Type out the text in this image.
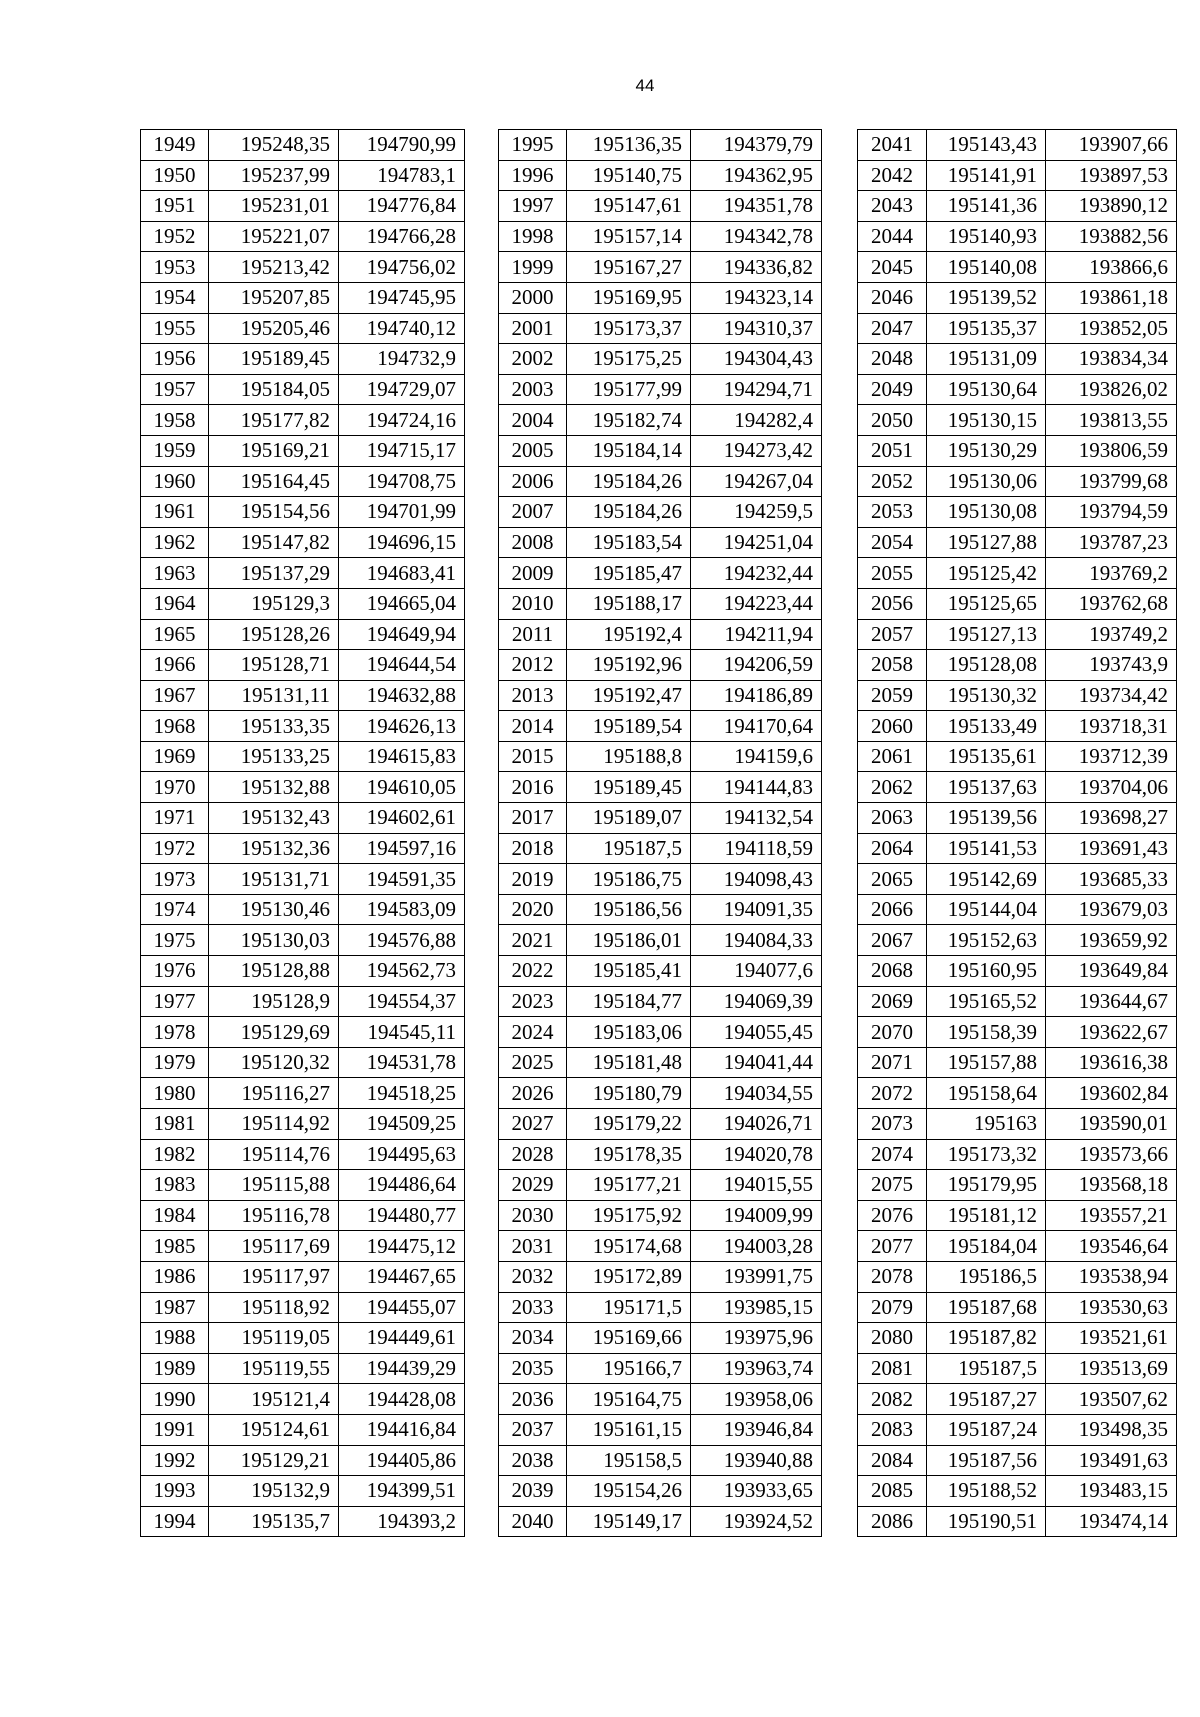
44
1949	195248,35	194790,99
1950	195237,99	194783,1
1951	195231,01	194776,84
1952	195221,07	194766,28
1953	195213,42	194756,02
1954	195207,85	194745,95
1955	195205,46	194740,12
1956	195189,45	194732,9
1957	195184,05	194729,07
1958	195177,82	194724,16
1959	195169,21	194715,17
1960	195164,45	194708,75
1961	195154,56	194701,99
1962	195147,82	194696,15
1963	195137,29	194683,41
1964	195129,3	194665,04
1965	195128,26	194649,94
1966	195128,71	194644,54
1967	195131,11	194632,88
1968	195133,35	194626,13
1969	195133,25	194615,83
1970	195132,88	194610,05
1971	195132,43	194602,61
1972	195132,36	194597,16
1973	195131,71	194591,35
1974	195130,46	194583,09
1975	195130,03	194576,88
1976	195128,88	194562,73
1977	195128,9	194554,37
1978	195129,69	194545,11
1979	195120,32	194531,78
1980	195116,27	194518,25
1981	195114,92	194509,25
1982	195114,76	194495,63
1983	195115,88	194486,64
1984	195116,78	194480,77
1985	195117,69	194475,12
1986	195117,97	194467,65
1987	195118,92	194455,07
1988	195119,05	194449,61
1989	195119,55	194439,29
1990	195121,4	194428,08
1991	195124,61	194416,84
1992	195129,21	194405,86
1993	195132,9	194399,51
1994	195135,7	194393,2
1995	195136,35	194379,79
1996	195140,75	194362,95
1997	195147,61	194351,78
1998	195157,14	194342,78
1999	195167,27	194336,82
2000	195169,95	194323,14
2001	195173,37	194310,37
2002	195175,25	194304,43
2003	195177,99	194294,71
2004	195182,74	194282,4
2005	195184,14	194273,42
2006	195184,26	194267,04
2007	195184,26	194259,5
2008	195183,54	194251,04
2009	195185,47	194232,44
2010	195188,17	194223,44
2011	195192,4	194211,94
2012	195192,96	194206,59
2013	195192,47	194186,89
2014	195189,54	194170,64
2015	195188,8	194159,6
2016	195189,45	194144,83
2017	195189,07	194132,54
2018	195187,5	194118,59
2019	195186,75	194098,43
2020	195186,56	194091,35
2021	195186,01	194084,33
2022	195185,41	194077,6
2023	195184,77	194069,39
2024	195183,06	194055,45
2025	195181,48	194041,44
2026	195180,79	194034,55
2027	195179,22	194026,71
2028	195178,35	194020,78
2029	195177,21	194015,55
2030	195175,92	194009,99
2031	195174,68	194003,28
2032	195172,89	193991,75
2033	195171,5	193985,15
2034	195169,66	193975,96
2035	195166,7	193963,74
2036	195164,75	193958,06
2037	195161,15	193946,84
2038	195158,5	193940,88
2039	195154,26	193933,65
2040	195149,17	193924,52
2041	195143,43	193907,66
2042	195141,91	193897,53
2043	195141,36	193890,12
2044	195140,93	193882,56
2045	195140,08	193866,6
2046	195139,52	193861,18
2047	195135,37	193852,05
2048	195131,09	193834,34
2049	195130,64	193826,02
2050	195130,15	193813,55
2051	195130,29	193806,59
2052	195130,06	193799,68
2053	195130,08	193794,59
2054	195127,88	193787,23
2055	195125,42	193769,2
2056	195125,65	193762,68
2057	195127,13	193749,2
2058	195128,08	193743,9
2059	195130,32	193734,42
2060	195133,49	193718,31
2061	195135,61	193712,39
2062	195137,63	193704,06
2063	195139,56	193698,27
2064	195141,53	193691,43
2065	195142,69	193685,33
2066	195144,04	193679,03
2067	195152,63	193659,92
2068	195160,95	193649,84
2069	195165,52	193644,67
2070	195158,39	193622,67
2071	195157,88	193616,38
2072	195158,64	193602,84
2073	195163	193590,01
2074	195173,32	193573,66
2075	195179,95	193568,18
2076	195181,12	193557,21
2077	195184,04	193546,64
2078	195186,5	193538,94
2079	195187,68	193530,63
2080	195187,82	193521,61
2081	195187,5	193513,69
2082	195187,27	193507,62
2083	195187,24	193498,35
2084	195187,56	193491,63
2085	195188,52	193483,15
2086	195190,51	193474,14
